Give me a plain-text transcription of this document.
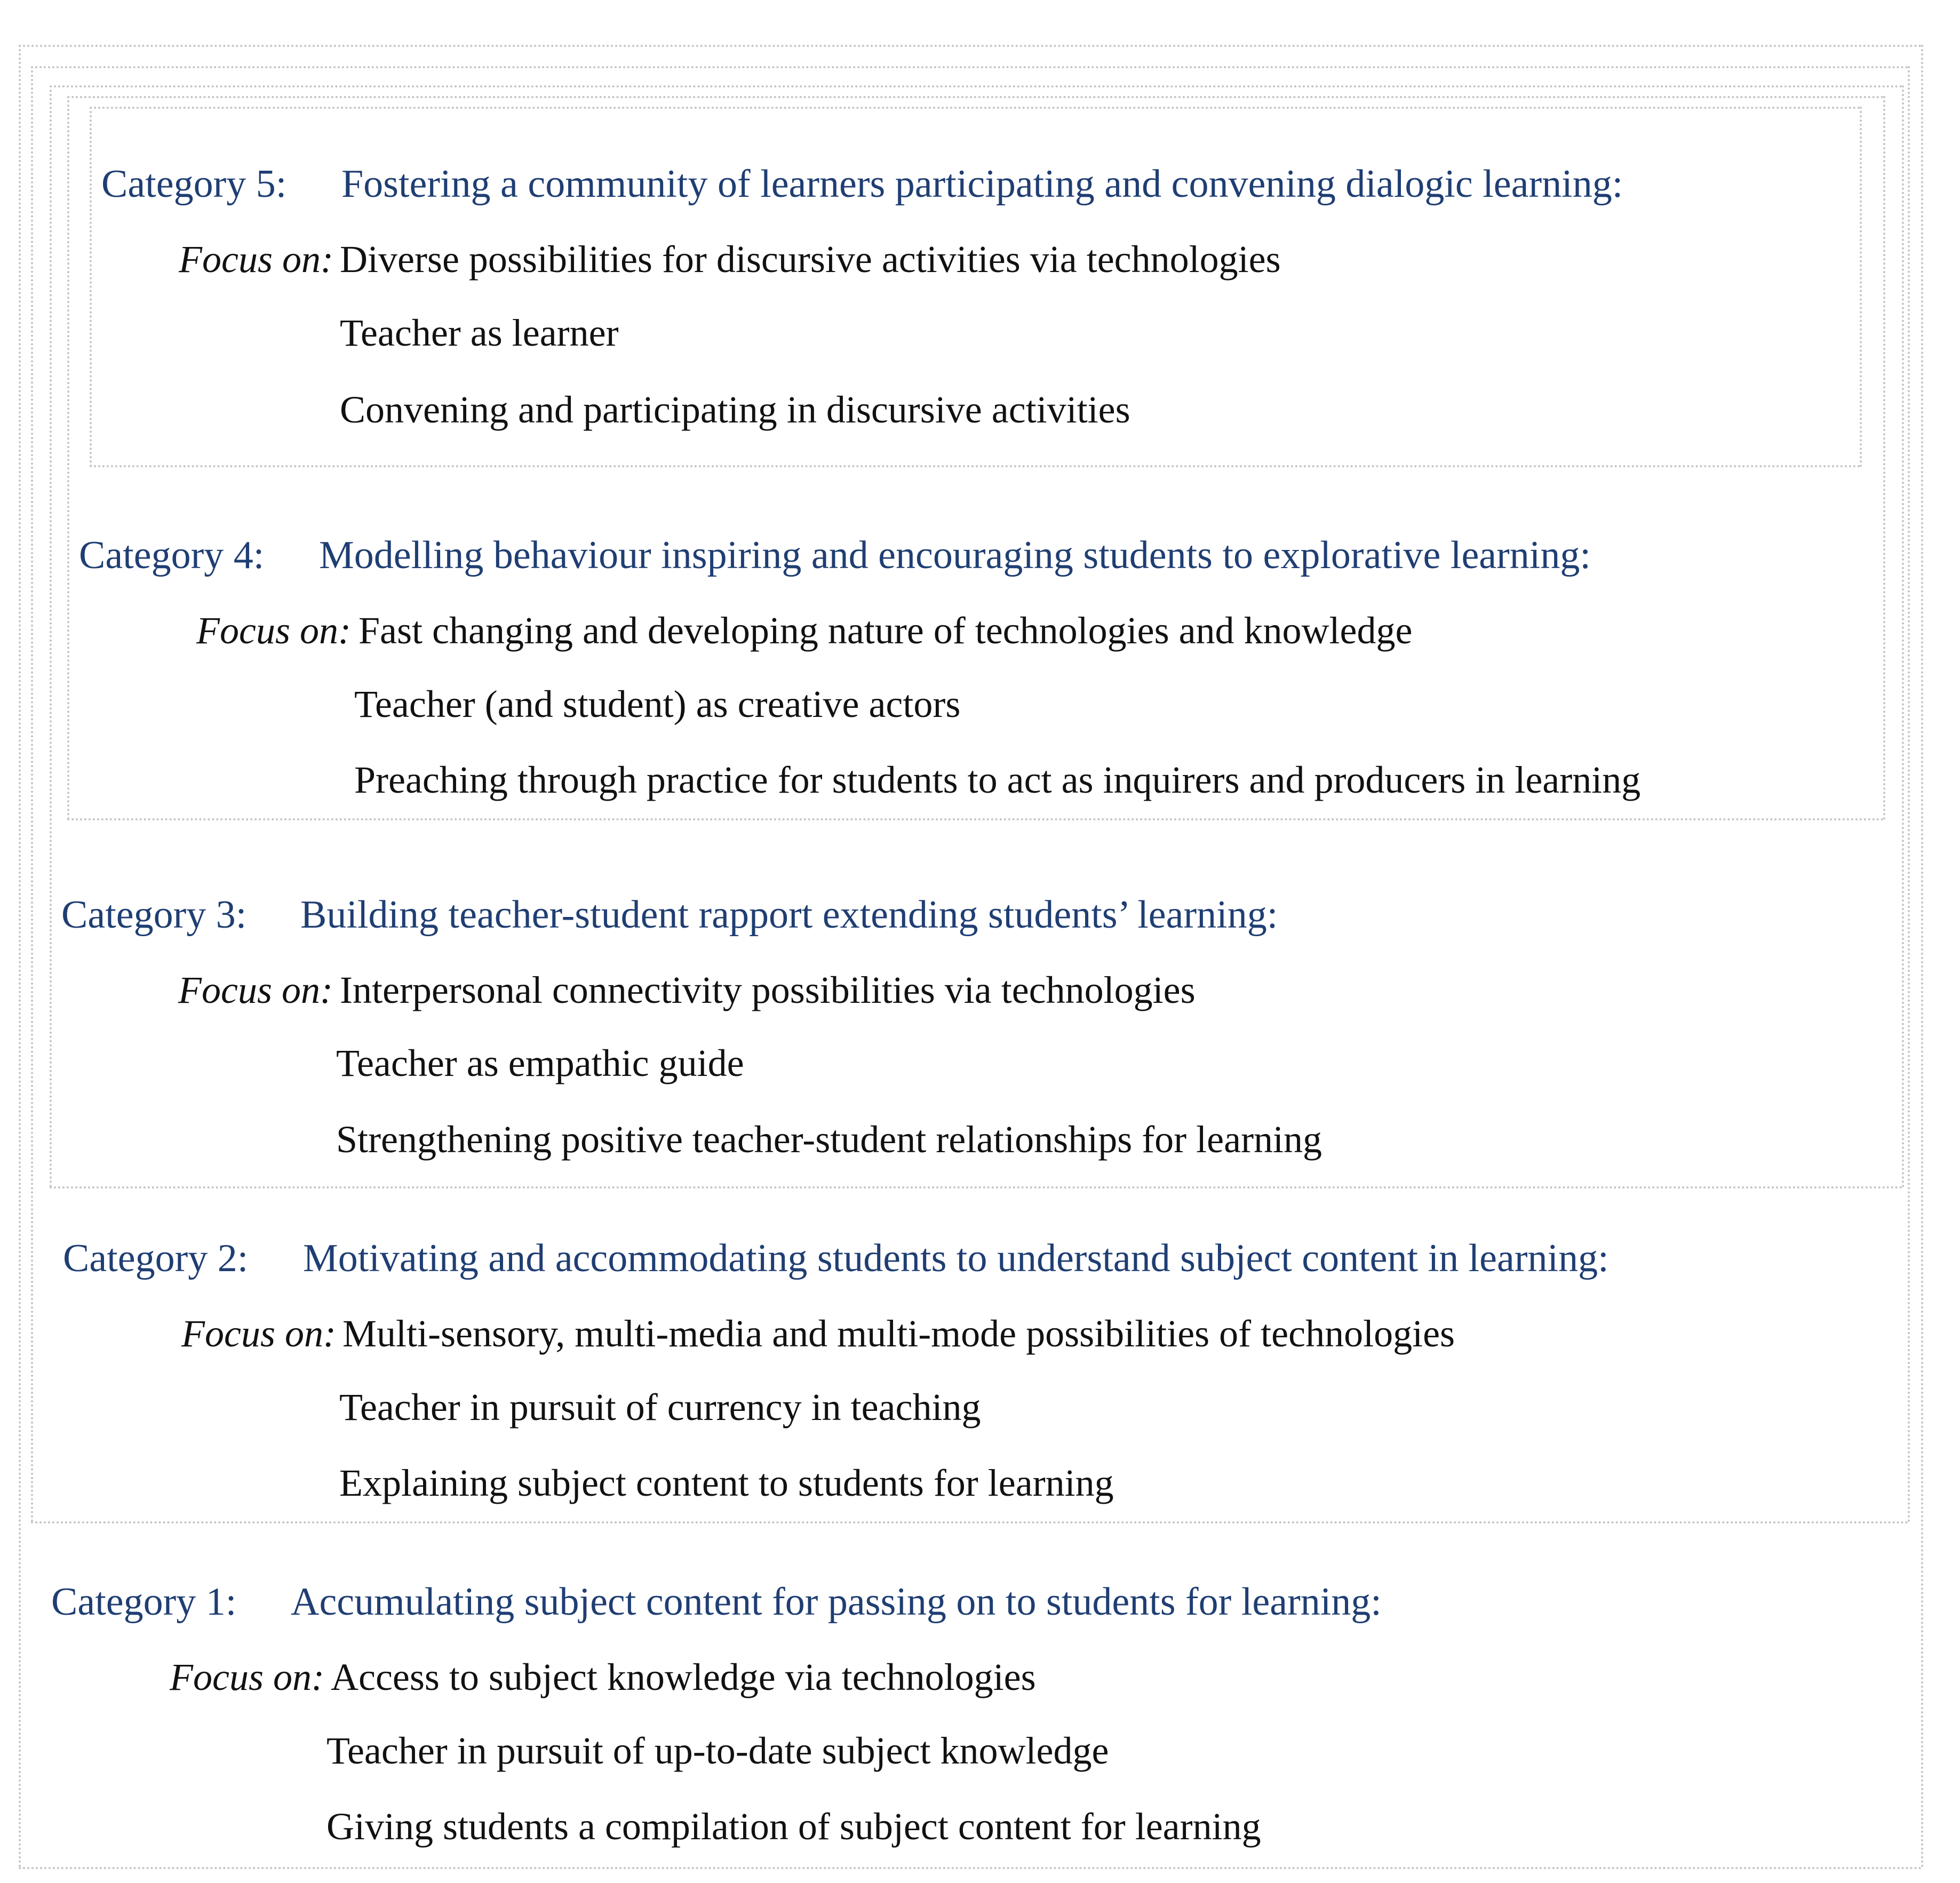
Category 5: Fostering a community of learners participating and convening dialogic learning:
Focus on: Diverse possibilities for discursive activities via technologies
Teacher as learner
Convening and participating in discursive activities
Category 4: Modelling behaviour inspiring and encouraging students to explorative learning:
Focus on: Fast changing and developing nature of technologies and knowledge
Teacher (and student) as creative actors
Preaching through practice for students to act as inquirers and producers in learning
Category 3: Building teacher-student rapport extending students’ learning:
Focus on: Interpersonal connectivity possibilities via technologies
Teacher as empathic guide
Strengthening positive teacher-student relationships for learning
Category 2: Motivating and accommodating students to understand subject content in learning:
Focus on: Multi-sensory, multi-media and multi-mode possibilities of technologies
Teacher in pursuit of currency in teaching
Explaining subject content to students for learning
Category 1: Accumulating subject content for passing on to students for learning:
Focus on: Access to subject knowledge via technologies
Teacher in pursuit of up-to-date subject knowledge
Giving students a compilation of subject content for learning
